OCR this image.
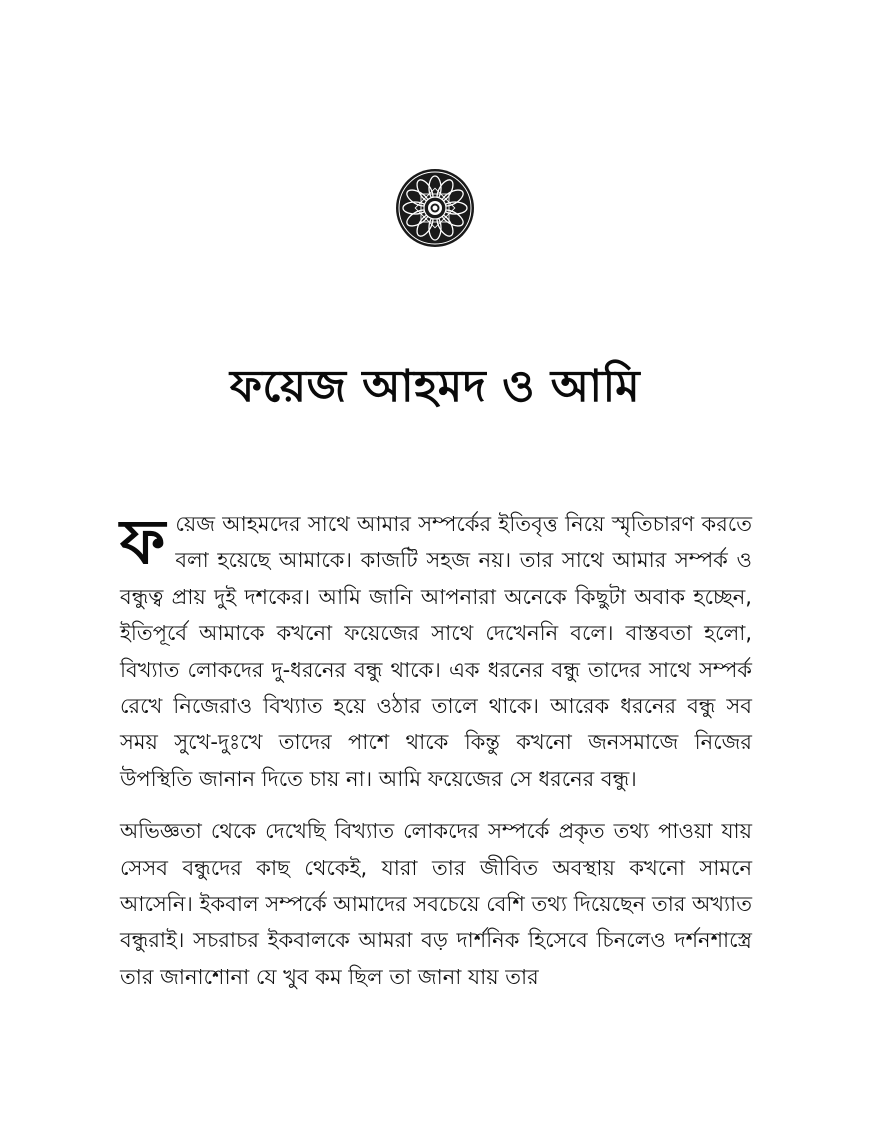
ফয়েজ আহমদ ও আমি

ফয়েজ আহমদের সাথে আমার সম্পর্কের ইতিবৃত্ত নিয়ে স্মৃতিচারণ করতে বলা হয়েছে আমাকে। কাজটি সহজ নয়। তার সাথে আমার সম্পর্ক ও বন্ধুত্ব প্রায় দুই দশকের। আমি জানি আপনারা অনেকে কিছুটা অবাক হচ্ছেন, ইতিপূর্বে আমাকে কখনো ফয়েজের সাথে দেখেননি বলে। বাস্তবতা হলো, বিখ্যাত লোকদের দু-ধরনের বন্ধু থাকে। এক ধরনের বন্ধু তাদের সাথে সম্পর্ক রেখে নিজেরাও বিখ্যাত হয়ে ওঠার তালে থাকে। আরেক ধরনের বন্ধু সব সময় সুখে-দুঃখে তাদের পাশে থাকে কিন্তু কখনো জনসমাজে নিজের উপস্থিতি জানান দিতে চায় না। আমি ফয়েজের সে ধরনের বন্ধু।

অভিজ্ঞতা থেকে দেখেছি বিখ্যাত লোকদের সম্পর্কে প্রকৃত তথ্য পাওয়া যায় সেসব বন্ধুদের কাছ থেকেই, যারা তার জীবিত অবস্থায় কখনো সামনে আসেনি। ইকবাল সম্পর্কে আমাদের সবচেয়ে বেশি তথ্য দিয়েছেন তার অখ্যাত বন্ধুরাই। সচরাচর ইকবালকে আমরা বড় দার্শনিক হিসেবে চিনলেও দর্শনশাস্ত্রে তার জানাশোনা যে খুব কম ছিল তা জানা যায় তার
